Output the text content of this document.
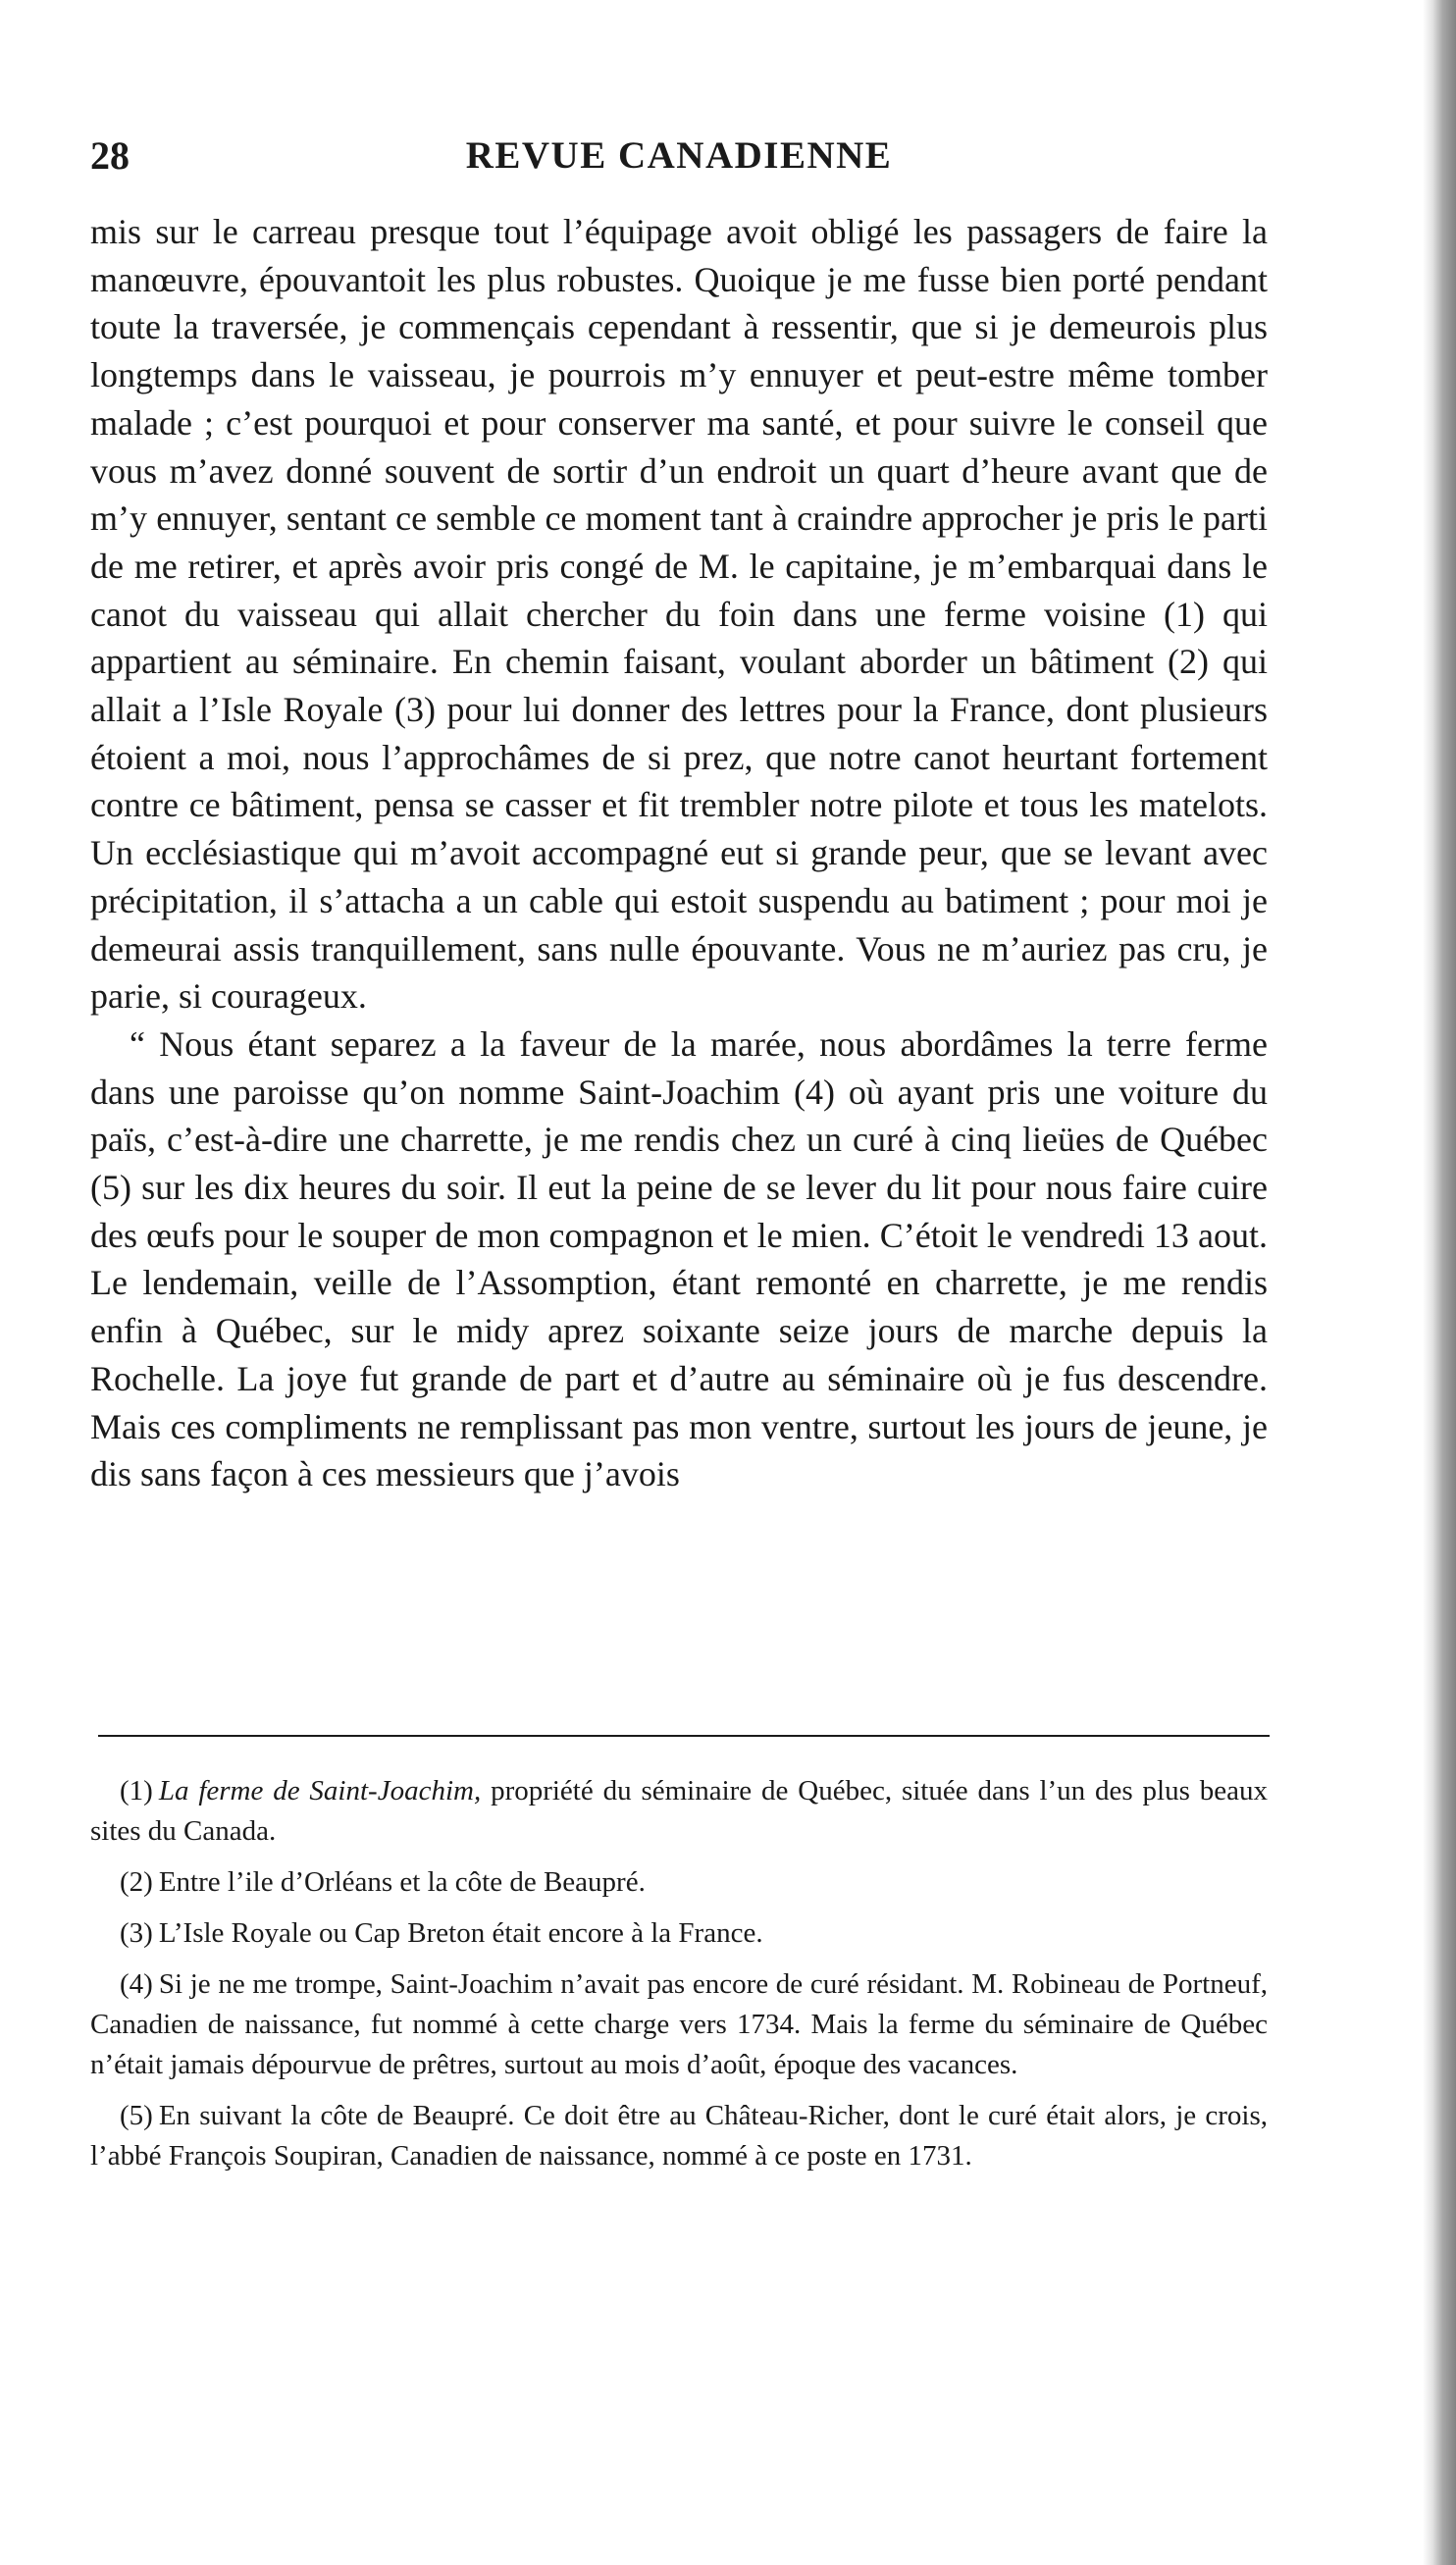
28	REVUE CANADIENNE

mis sur le carreau presque tout l’équipage avoit obligé les passagers de faire la manœuvre, épouvantoit les plus robustes. Quoique je me fusse bien porté pendant toute la traversée, je commençais cependant à ressentir, que si je demeurois plus longtemps dans le vaisseau, je pourrois m’y ennuyer et peut-estre même tomber malade ; c’est pourquoi et pour conserver ma santé, et pour suivre le conseil que vous m’avez donné souvent de sortir d’un endroit un quart d’heure avant que de m’y ennuyer, sentant ce semble ce moment tant à craindre approcher je pris le parti de me retirer, et après avoir pris congé de M. le capitaine, je m’embarquai dans le canot du vaisseau qui allait chercher du foin dans une ferme voisine (1) qui appartient au séminaire. En chemin faisant, voulant aborder un bâtiment (2) qui allait a l’Isle Royale (3) pour lui donner des lettres pour la France, dont plusieurs étoient a moi, nous l’approchâmes de si prez, que notre canot heurtant fortement contre ce bâtiment, pensa se casser et fit trembler notre pilote et tous les matelots. Un ecclésiastique qui m’avoit accompagné eut si grande peur, que se levant avec précipitation, il s’attacha a un cable qui estoit suspendu au batiment ; pour moi je demeurai assis tranquillement, sans nulle épouvante. Vous ne m’auriez pas cru, je parie, si courageux.

“ Nous étant separez a la faveur de la marée, nous abordâmes la terre ferme dans une paroisse qu’on nomme Saint-Joachim (4) où ayant pris une voiture du païs, c’est-à-dire une charrette, je me rendis chez un curé à cinq lieües de Québec (5) sur les dix heures du soir. Il eut la peine de se lever du lit pour nous faire cuire des œufs pour le souper de mon compagnon et le mien. C’étoit le vendredi 13 aout. Le lendemain, veille de l’Assomption, étant remonté en charrette, je me rendis enfin à Québec, sur le midy aprez soixante seize jours de marche depuis la Rochelle. La joye fut grande de part et d’autre au séminaire où je fus descendre. Mais ces compliments ne remplissant pas mon ventre, surtout les jours de jeune, je dis sans façon à ces messieurs que j’avois

(1) La ferme de Saint-Joachim, propriété du séminaire de Québec, située dans l’un des plus beaux sites du Canada.

(2) Entre l’ile d’Orléans et la côte de Beaupré.

(3) L’Isle Royale ou Cap Breton était encore à la France.

(4) Si je ne me trompe, Saint-Joachim n’avait pas encore de curé résidant. M. Robineau de Portneuf, Canadien de naissance, fut nommé à cette charge vers 1734. Mais la ferme du séminaire de Québec n’était jamais dépourvue de prêtres, surtout au mois d’août, époque des vacances.

(5) En suivant la côte de Beaupré. Ce doit être au Château-Richer, dont le curé était alors, je crois, l’abbé François Soupiran, Canadien de naissance, nommé à ce poste en 1731.
